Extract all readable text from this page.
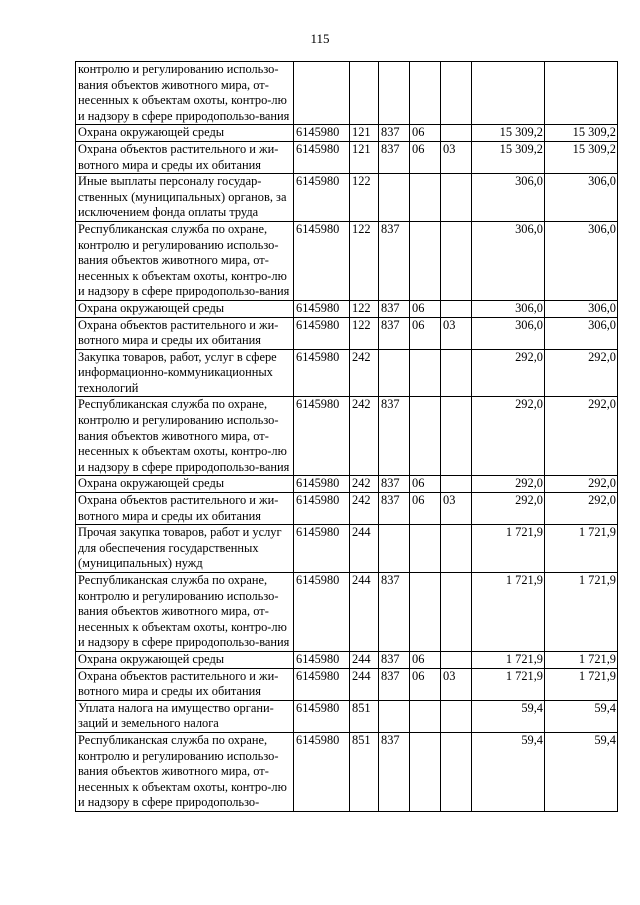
115
контролю и регулированию использо-вания объектов животного мира, от-несенных к объектам охоты, контро-лю и надзору в сфере природопользо-вания							
Охрана окружающей среды	6145980	121	837	06		15 309,2	15 309,2
Охрана объектов растительного и жи-вотного мира и среды их обитания	6145980	121	837	06	03	15 309,2	15 309,2
Иные выплаты персоналу государ-ственных (муниципальных) органов, за исключением фонда оплаты труда	6145980	122				306,0	306,0
Республиканская служба по охране, контролю и регулированию использо-вания объектов животного мира, от-несенных к объектам охоты, контро-лю и надзору в сфере природопользо-вания	6145980	122	837			306,0	306,0
Охрана окружающей среды	6145980	122	837	06		306,0	306,0
Охрана объектов растительного и жи-вотного мира и среды их обитания	6145980	122	837	06	03	306,0	306,0
Закупка товаров, работ, услуг в сфере информационно-коммуникационных технологий	6145980	242				292,0	292,0
Республиканская служба по охране, контролю и регулированию использо-вания объектов животного мира, от-несенных к объектам охоты, контро-лю и надзору в сфере природопользо-вания	6145980	242	837			292,0	292,0
Охрана окружающей среды	6145980	242	837	06		292,0	292,0
Охрана объектов растительного и жи-вотного мира и среды их обитания	6145980	242	837	06	03	292,0	292,0
Прочая закупка товаров, работ и услуг для обеспечения государственных (муниципальных) нужд	6145980	244				1 721,9	1 721,9
Республиканская служба по охране, контролю и регулированию использо-вания объектов животного мира, от-несенных к объектам охоты, контро-лю и надзору в сфере природопользо-вания	6145980	244	837			1 721,9	1 721,9
Охрана окружающей среды	6145980	244	837	06		1 721,9	1 721,9
Охрана объектов растительного и жи-вотного мира и среды их обитания	6145980	244	837	06	03	1 721,9	1 721,9
Уплата налога на имущество органи-заций и земельного налога	6145980	851				59,4	59,4
Республиканская служба по охране, контролю и регулированию использо-вания объектов животного мира, от-несенных к объектам охоты, контро-лю и надзору в сфере природопользо-	6145980	851	837			59,4	59,4
